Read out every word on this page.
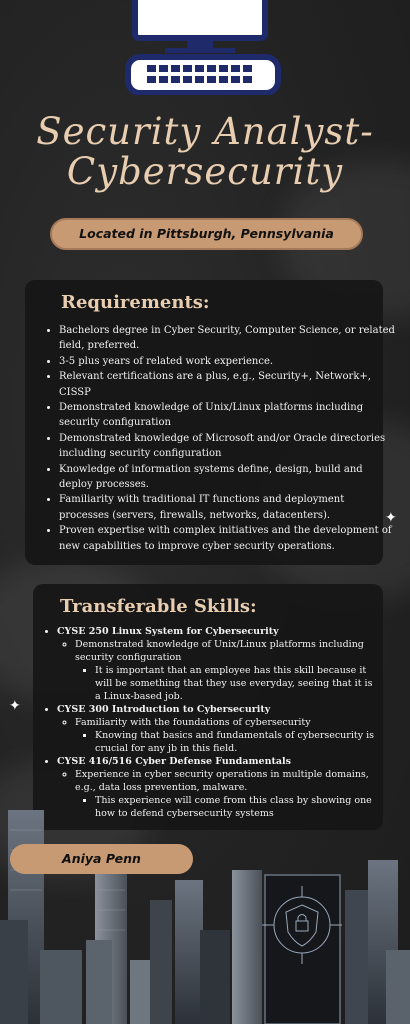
Security Analyst-
Cybersecurity
Located in Pittsburgh, Pennsylvania
Requirements:
• Bachelors degree in Cyber Security, Computer Science, or related field, preferred.
• 3-5 plus years of related work experience.
• Relevant certifications are a plus, e.g., Security+, Network+, CISSP
• Demonstrated knowledge of Unix/Linux platforms including security configuration
• Demonstrated knowledge of Microsoft and/or Oracle directories including security configuration
• Knowledge of information systems define, design, build and deploy processes.
• Familiarity with traditional IT functions and deployment processes (servers, firewalls, networks, datacenters).
• Proven expertise with complex initiatives and the development of new capabilities to improve cyber security operations.
✦
✦
Transferable Skills:
• CYSE 250 Linux System for Cybersecurity
◦ Demonstrated knowledge of Unix/Linux platforms including security configuration
▪ It is important that an employee has this skill because it will be something that they use everyday, seeing that it is a Linux-based job.
• CYSE 300 Introduction to Cybersecurity
◦ Familiarity with the foundations of cybersecurity
▪ Knowing that basics and fundamentals of cybersecurity is crucial for any jb in this field.
• CYSE 416/516 Cyber Defense Fundamentals
◦ Experience in cyber security operations in multiple domains, e.g., data loss prevention, malware.
▪ This experience will come from this class by showing one how to defend cybersecurity systems
Aniya Penn
